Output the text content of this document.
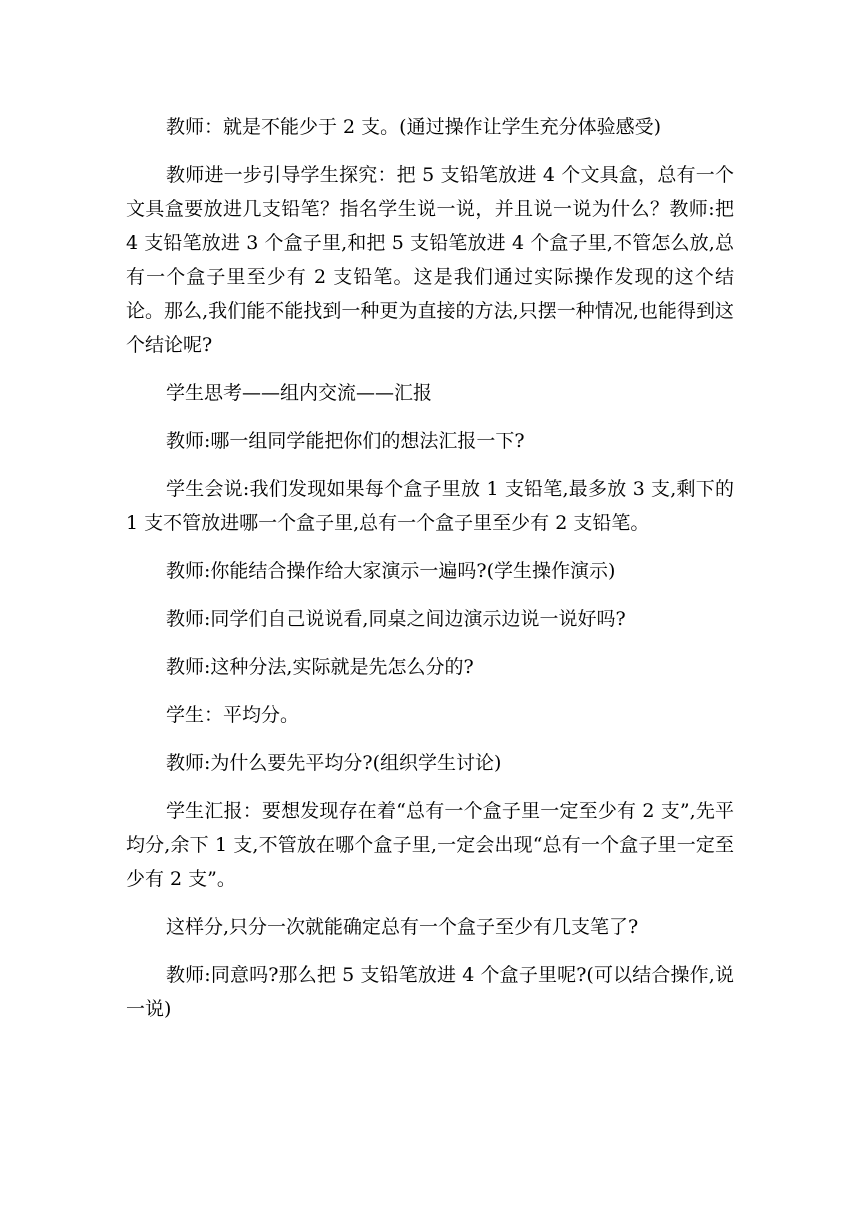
教师：就是不能少于 2 支。(通过操作让学生充分体验感受)

教师进一步引导学生探究：把 5 支铅笔放进 4 个文具盒，总有一个文具盒要放进几支铅笔？指名学生说一说，并且说一说为什么？教师:把 4 支铅笔放进 3 个盒子里,和把 5 支铅笔放进 4 个盒子里,不管怎么放,总有一个盒子里至少有 2 支铅笔。这是我们通过实际操作发现的这个结论。那么,我们能不能找到一种更为直接的方法,只摆一种情况,也能得到这个结论呢?

学生思考——组内交流——汇报

教师:哪一组同学能把你们的想法汇报一下?

学生会说:我们发现如果每个盒子里放 1 支铅笔,最多放 3 支,剩下的 1 支不管放进哪一个盒子里,总有一个盒子里至少有 2 支铅笔。

教师:你能结合操作给大家演示一遍吗?(学生操作演示)

教师:同学们自己说说看,同桌之间边演示边说一说好吗?

教师:这种分法,实际就是先怎么分的?

学生：平均分。

教师:为什么要先平均分?(组织学生讨论)

学生汇报：要想发现存在着“总有一个盒子里一定至少有 2 支”,先平均分,余下 1 支,不管放在哪个盒子里,一定会出现“总有一个盒子里一定至少有 2 支”。

这样分,只分一次就能确定总有一个盒子至少有几支笔了?

教师:同意吗?那么把 5 支铅笔放进 4 个盒子里呢?(可以结合操作,说一说)
